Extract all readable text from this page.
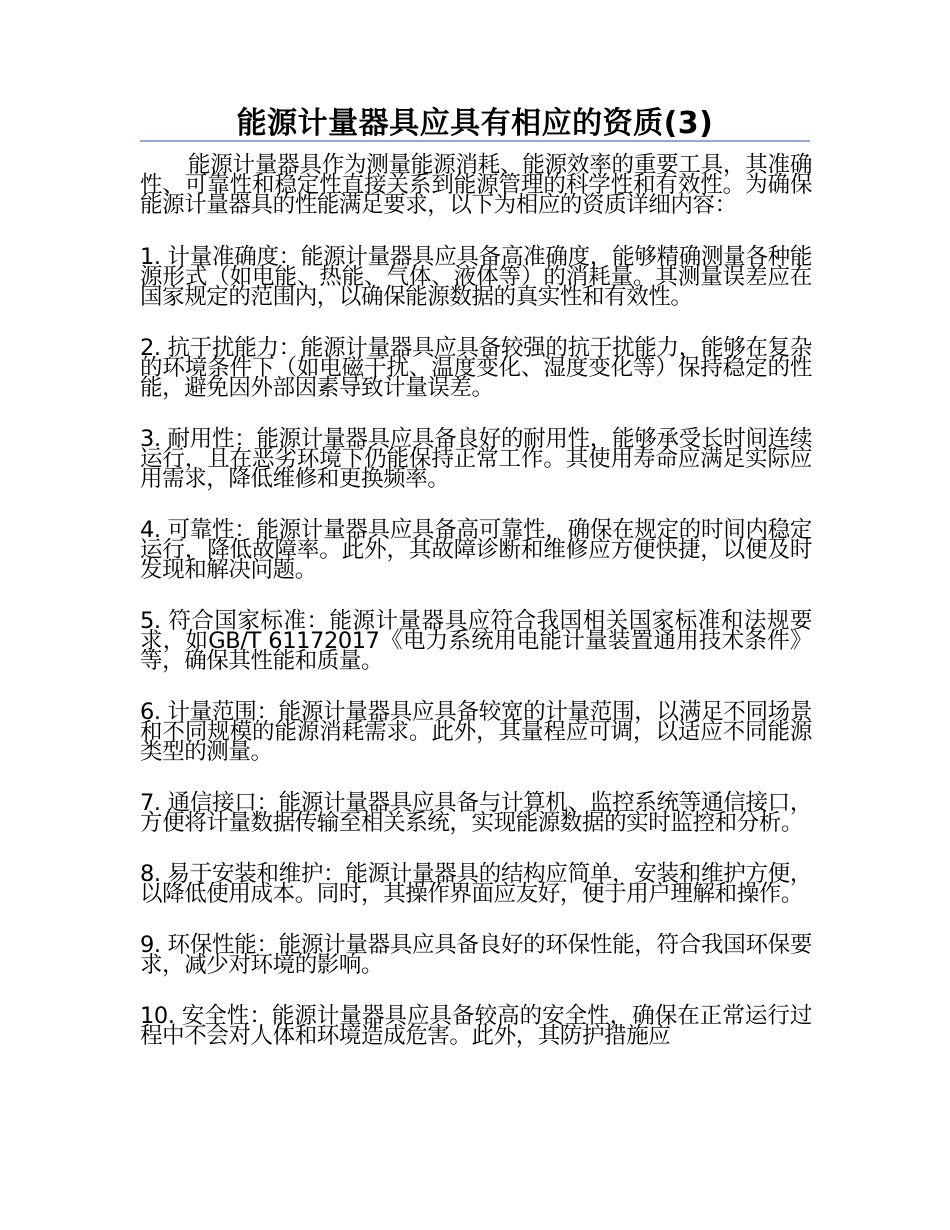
能源计量器具应具有相应的资质(3)

能源计量器具作为测量能源消耗、能源效率的重要工具，其准确性、可靠性和稳定性直接关系到能源管理的科学性和有效性。为确保能源计量器具的性能满足要求，以下为相应的资质详细内容：

1. 计量准确度：能源计量器具应具备高准确度，能够精确测量各种能源形式（如电能、热能、气体、液体等）的消耗量。其测量误差应在国家规定的范围内，以确保能源数据的真实性和有效性。

2. 抗干扰能力：能源计量器具应具备较强的抗干扰能力，能够在复杂的环境条件下（如电磁干扰、温度变化、湿度变化等）保持稳定的性能，避免因外部因素导致计量误差。

3. 耐用性：能源计量器具应具备良好的耐用性，能够承受长时间连续运行，且在恶劣环境下仍能保持正常工作。其使用寿命应满足实际应用需求，降低维修和更换频率。

4. 可靠性：能源计量器具应具备高可靠性，确保在规定的时间内稳定运行，降低故障率。此外，其故障诊断和维修应方便快捷，以便及时发现和解决问题。

5. 符合国家标准：能源计量器具应符合我国相关国家标准和法规要求，如GB/T 61172017《电力系统用电能计量装置通用技术条件》等，确保其性能和质量。

6. 计量范围：能源计量器具应具备较宽的计量范围，以满足不同场景和不同规模的能源消耗需求。此外，其量程应可调，以适应不同能源类型的测量。

7. 通信接口：能源计量器具应具备与计算机、监控系统等通信接口，方便将计量数据传输至相关系统，实现能源数据的实时监控和分析。

8. 易于安装和维护：能源计量器具的结构应简单，安装和维护方便，以降低使用成本。同时，其操作界面应友好，便于用户理解和操作。

9. 环保性能：能源计量器具应具备良好的环保性能，符合我国环保要求，减少对环境的影响。

10. 安全性：能源计量器具应具备较高的安全性，确保在正常运行过程中不会对人体和环境造成危害。此外，其防护措施应
